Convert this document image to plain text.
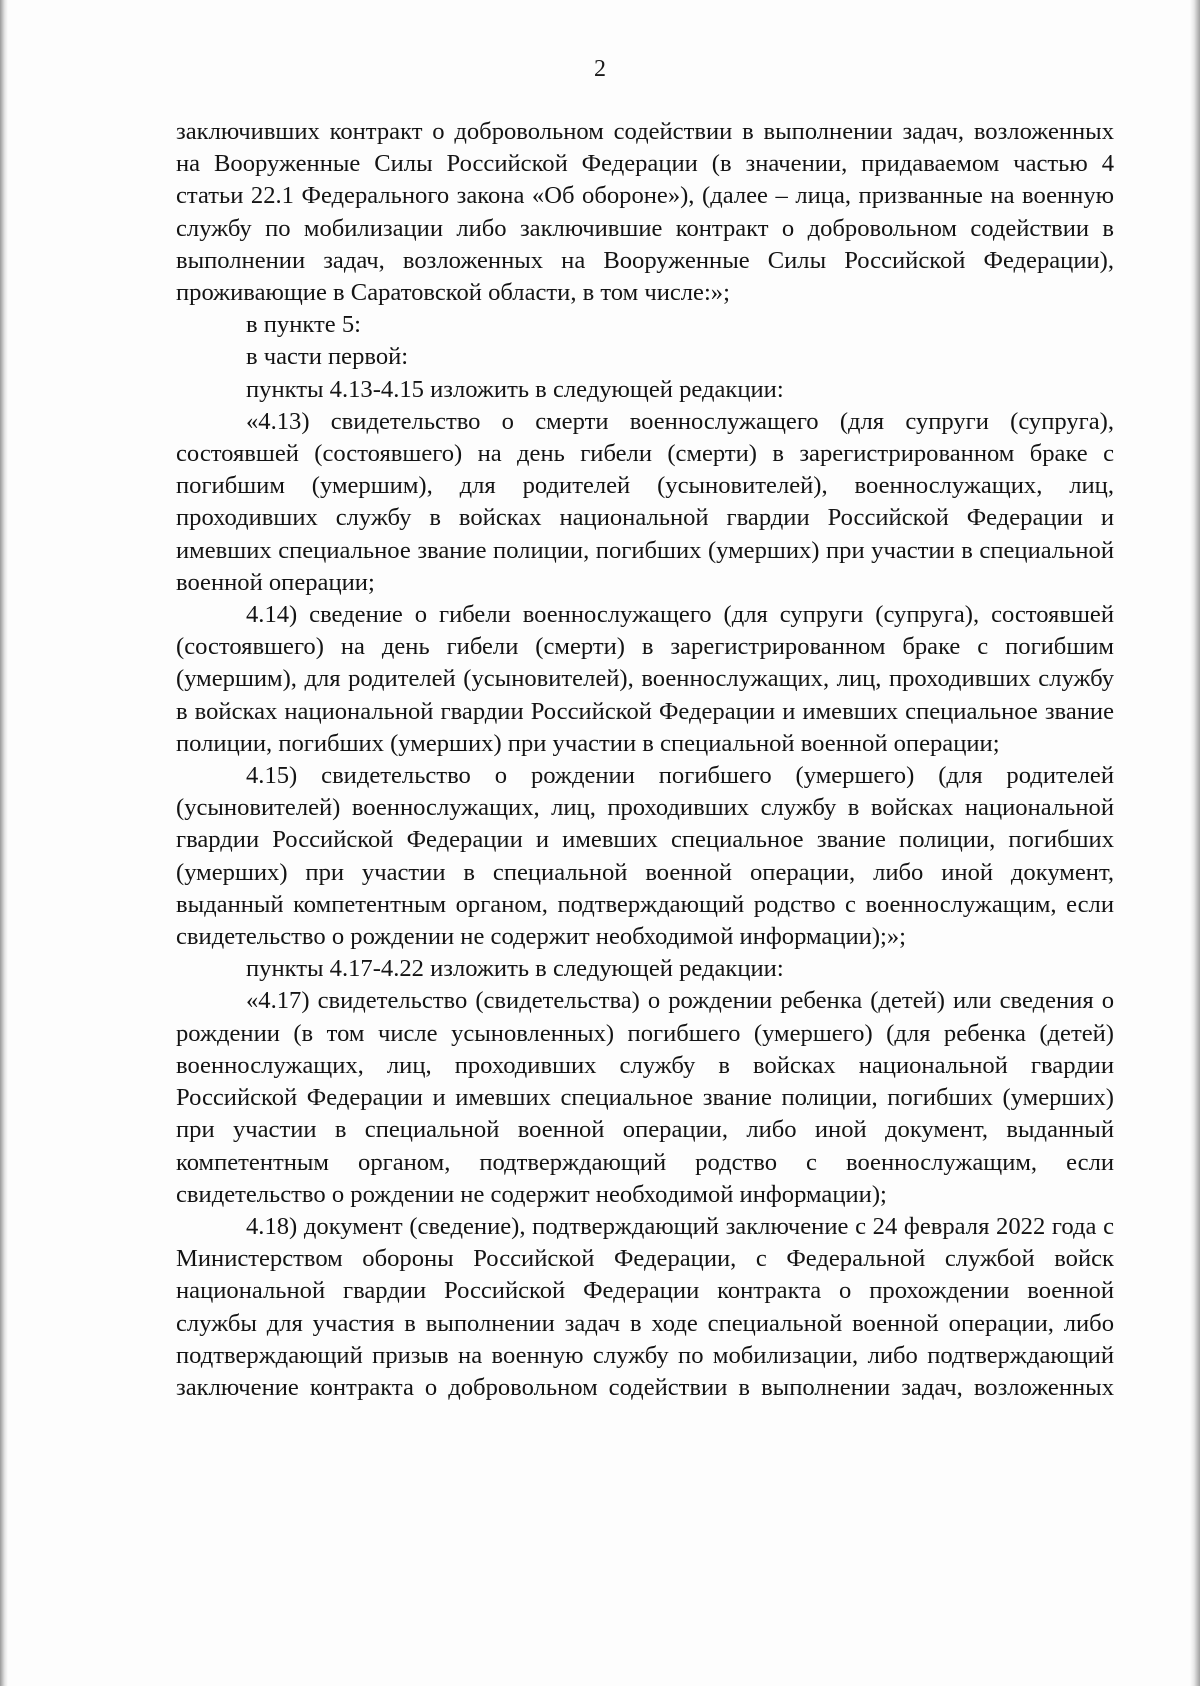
2

заключивших контракт о добровольном содействии в выполнении задач, возложенных на Вооруженные Силы Российской Федерации (в значении, придаваемом частью 4 статьи 22.1 Федерального закона «Об обороне»), (далее – лица, призванные на военную службу по мобилизации либо заключившие контракт о добровольном содействии в выполнении задач, возложенных на Вооруженные Силы Российской Федерации), проживающие в Саратовской области, в том числе:»;

в пункте 5:

в части первой:

пункты 4.13-4.15 изложить в следующей редакции:

«4.13) свидетельство о смерти военнослужащего (для супруги (супруга), состоявшей (состоявшего) на день гибели (смерти) в зарегистрированном браке с погибшим (умершим), для родителей (усыновителей), военнослужащих, лиц, проходивших службу в войсках национальной гвардии Российской Федерации и имевших специальное звание полиции, погибших (умерших) при участии в специальной военной операции;

4.14) сведение о гибели военнослужащего (для супруги (супруга), состоявшей (состоявшего) на день гибели (смерти) в зарегистрированном браке с погибшим (умершим), для родителей (усыновителей), военнослужащих, лиц, проходивших службу в войсках национальной гвардии Российской Федерации и имевших специальное звание полиции, погибших (умерших) при участии в специальной военной операции;

4.15) свидетельство о рождении погибшего (умершего) (для родителей (усыновителей) военнослужащих, лиц, проходивших службу в войсках национальной гвардии Российской Федерации и имевших специальное звание полиции, погибших (умерших) при участии в специальной военной операции, либо иной документ, выданный компетентным органом, подтверждающий родство с военнослужащим, если свидетельство о рождении не содержит необходимой информации);»;

пункты 4.17-4.22 изложить в следующей редакции:

«4.17) свидетельство (свидетельства) о рождении ребенка (детей) или сведения о рождении (в том числе усыновленных) погибшего (умершего) (для ребенка (детей) военнослужащих, лиц, проходивших службу в войсках национальной гвардии Российской Федерации и имевших специальное звание полиции, погибших (умерших) при участии в специальной военной операции, либо иной документ, выданный компетентным органом, подтверждающий родство с военнослужащим, если свидетельство о рождении не содержит необходимой информации);

4.18) документ (сведение), подтверждающий заключение с 24 февраля 2022 года с Министерством обороны Российской Федерации, с Федеральной службой войск национальной гвардии Российской Федерации контракта о прохождении военной службы для участия в выполнении задач в ходе специальной военной операции, либо подтверждающий призыв на военную службу по мобилизации, либо подтверждающий заключение контракта о добровольном содействии в выполнении задач, возложенных
